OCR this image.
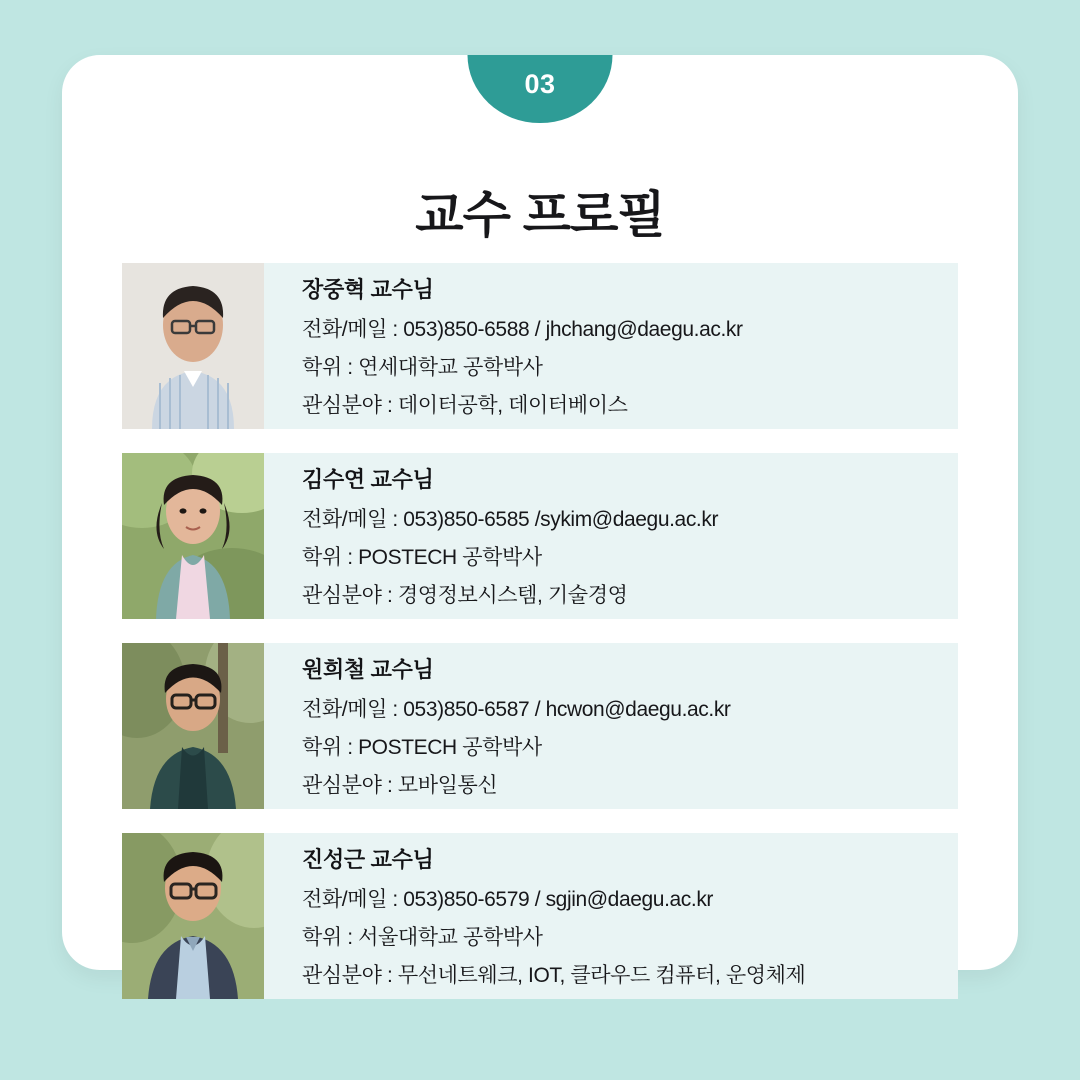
03
교수 프로필
장중혁 교수님
전화/메일 : 053)850-6588 / jhchang@daegu.ac.kr
학위 : 연세대학교 공학박사
관심분야 : 데이터공학, 데이터베이스
김수연 교수님
전화/메일 : 053)850-6585 /sykim@daegu.ac.kr
학위 : POSTECH 공학박사
관심분야 : 경영정보시스템, 기술경영
원희철 교수님
전화/메일 : 053)850-6587 / hcwon@daegu.ac.kr
학위 : POSTECH 공학박사
관심분야 : 모바일통신
진성근 교수님
전화/메일 : 053)850-6579 / sgjin@daegu.ac.kr
학위 : 서울대학교 공학박사
관심분야 : 무선네트웨크, IOT, 클라우드 컴퓨터, 운영체제
